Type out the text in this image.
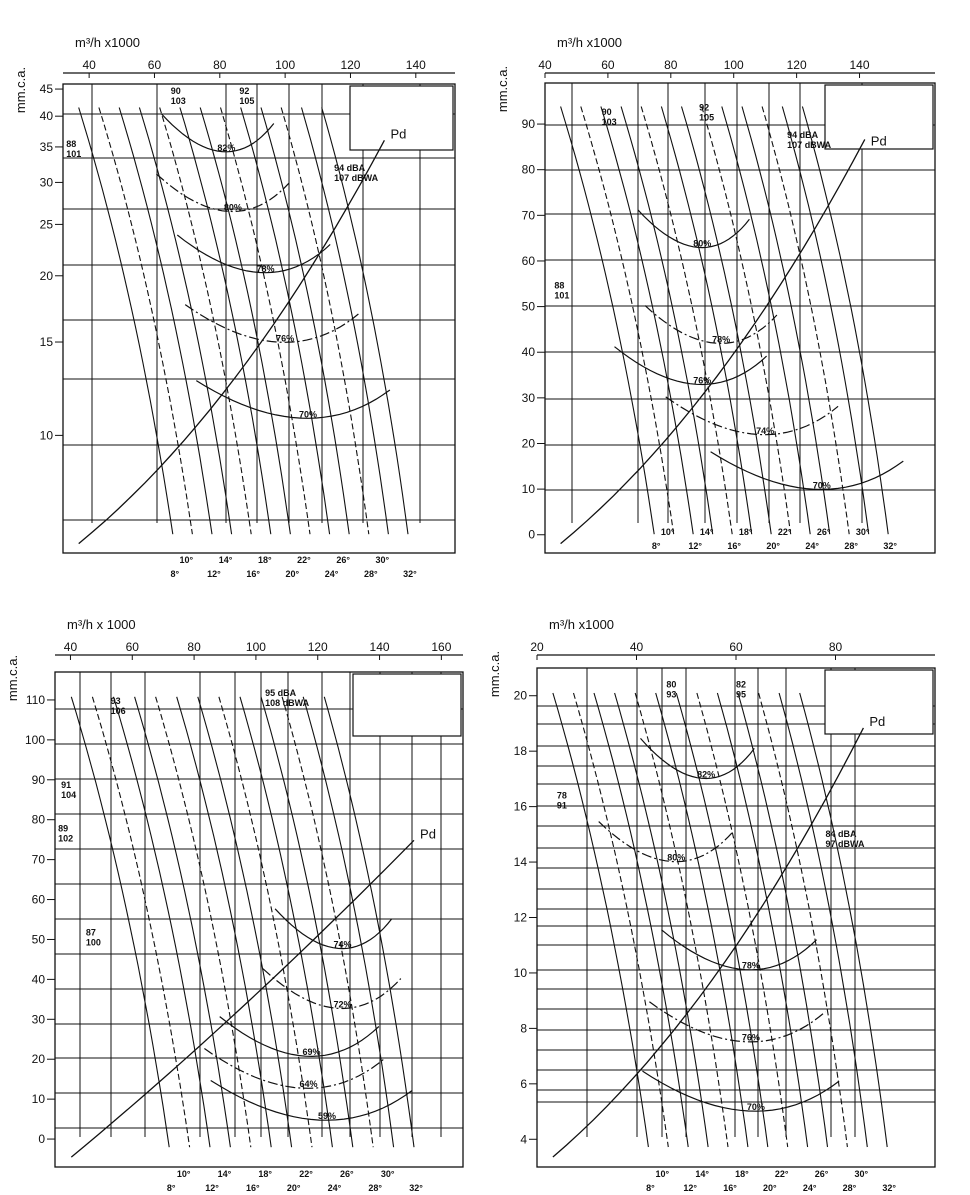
40	60	80	100	120	140
m³/h x1000
10
15
20
25
30
35
40
45
mm.c.a.
8°
10°
12°
14°
16°
18°
20°
22°
24°
26°
28°
30°
32°
82%
80%
78%
76%
70%
Pd
88
101
90
103
92
105
94 dBA
107 dBWA
40	60	80	100	120	140
m³/h x1000
0
10
20
30
40
50
60
70
80
90
mm.c.a.
8°
10°
12°
14°
16°
18°
20°
22°
24°
26°
28°
30°
32°
80%
78%
76%
74%
70%
Pd
88
101
90
103
92
105
94 dBA
107 dBWA
40	60	80	100	120	140	160
m³/h x 1000
0
10
20
30
40
50
60
70
80
90
100
110
mm.c.a.
8°
10°
12°
14°
16°
18°
20°
22°
24°
26°
28°
30°
32°
74%
72%
69%
64%
59%
Pd
87
100
89
102
91
104
93
106
95 dBA
108 dBWA
20	40	60	80
m³/h x1000
4
6
8
10
12
14
16
18
20
mm.c.a.
8°
10°
12°
14°
16°
18°
20°
22°
24°
26°
28°
30°
32°
82%
80%
78%
76%
70%
Pd
78
91
80
93
82
95
84 dBA
97 dBWA
